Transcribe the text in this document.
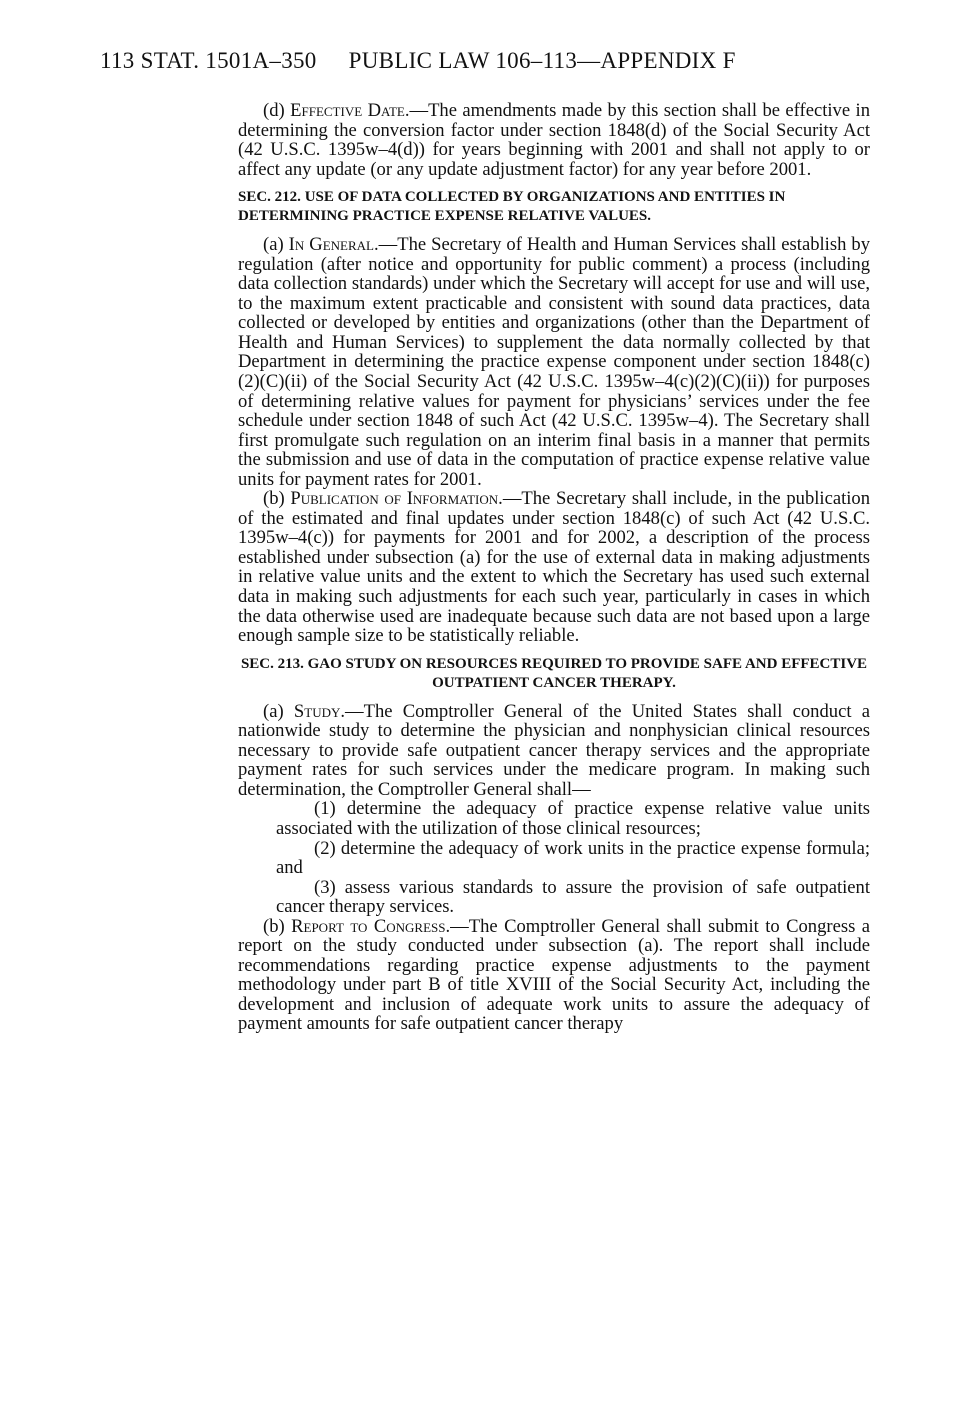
113 STAT. 1501A–350 PUBLIC LAW 106–113—APPENDIX F

(d) Effective Date.—The amendments made by this section shall be effective in determining the conversion factor under section 1848(d) of the Social Security Act (42 U.S.C. 1395w–4(d)) for years beginning with 2001 and shall not apply to or affect any update (or any update adjustment factor) for any year before 2001.

SEC. 212. USE OF DATA COLLECTED BY ORGANIZATIONS AND ENTITIES IN DETERMINING PRACTICE EXPENSE RELATIVE VALUES.

(a) In General.—The Secretary of Health and Human Services shall establish by regulation (after notice and opportunity for public comment) a process (including data collection standards) under which the Secretary will accept for use and will use, to the maximum extent practicable and consistent with sound data practices, data collected or developed by entities and organizations (other than the Department of Health and Human Services) to supplement the data normally collected by that Department in determining the practice expense component under section 1848(c)(2)(C)(ii) of the Social Security Act (42 U.S.C. 1395w–4(c)(2)(C)(ii)) for purposes of determining relative values for payment for physicians’ services under the fee schedule under section 1848 of such Act (42 U.S.C. 1395w–4). The Secretary shall first promulgate such regulation on an interim final basis in a manner that permits the submission and use of data in the computation of practice expense relative value units for payment rates for 2001.

(b) Publication of Information.—The Secretary shall include, in the publication of the estimated and final updates under section 1848(c) of such Act (42 U.S.C. 1395w–4(c)) for payments for 2001 and for 2002, a description of the process established under subsection (a) for the use of external data in making adjustments in relative value units and the extent to which the Secretary has used such external data in making such adjustments for each such year, particularly in cases in which the data otherwise used are inadequate because such data are not based upon a large enough sample size to be statistically reliable.

SEC. 213. GAO STUDY ON RESOURCES REQUIRED TO PROVIDE SAFE AND EFFECTIVE OUTPATIENT CANCER THERAPY.

(a) Study.—The Comptroller General of the United States shall conduct a nationwide study to determine the physician and nonphysician clinical resources necessary to provide safe outpatient cancer therapy services and the appropriate payment rates for such services under the medicare program. In making such determination, the Comptroller General shall—

(1) determine the adequacy of practice expense relative value units associated with the utilization of those clinical resources;

(2) determine the adequacy of work units in the practice expense formula; and

(3) assess various standards to assure the provision of safe outpatient cancer therapy services.

(b) Report to Congress.—The Comptroller General shall submit to Congress a report on the study conducted under subsection (a). The report shall include recommendations regarding practice expense adjustments to the payment methodology under part B of title XVIII of the Social Security Act, including the development and inclusion of adequate work units to assure the adequacy of payment amounts for safe outpatient cancer therapy
